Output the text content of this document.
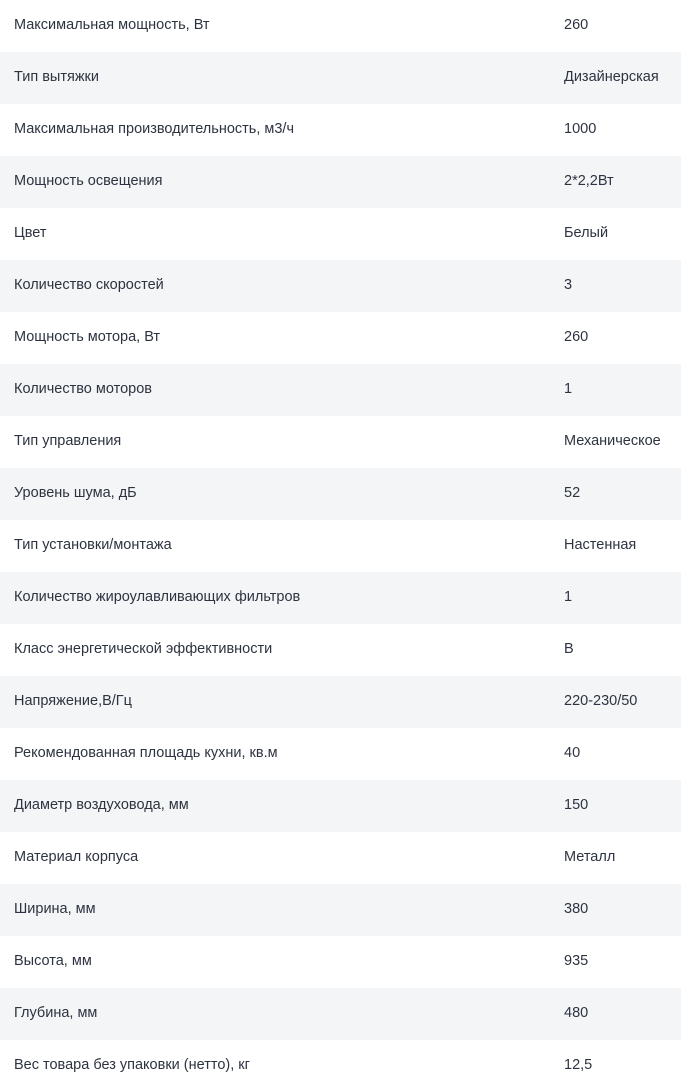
Максимальная мощность, Вт	260
Тип вытяжки	Дизайнерская
Максимальная производительность, м3/ч	1000
Мощность освещения	2*2,2Вт
Цвет	Белый
Количество скоростей	3
Мощность мотора, Вт	260
Количество моторов	1
Тип управления	Механическое
Уровень шума, дБ	52
Тип установки/монтажа	Настенная
Количество жироулавливающих фильтров	1
Класс энергетической эффективности	B
Напряжение,В/Гц	220-230/50
Рекомендованная площадь кухни, кв.м	40
Диаметр воздуховода, мм	150
Материал корпуса	Металл
Ширина, мм	380
Высота, мм	935
Глубина, мм	480
Вес товара без упаковки (нетто), кг	12,5
